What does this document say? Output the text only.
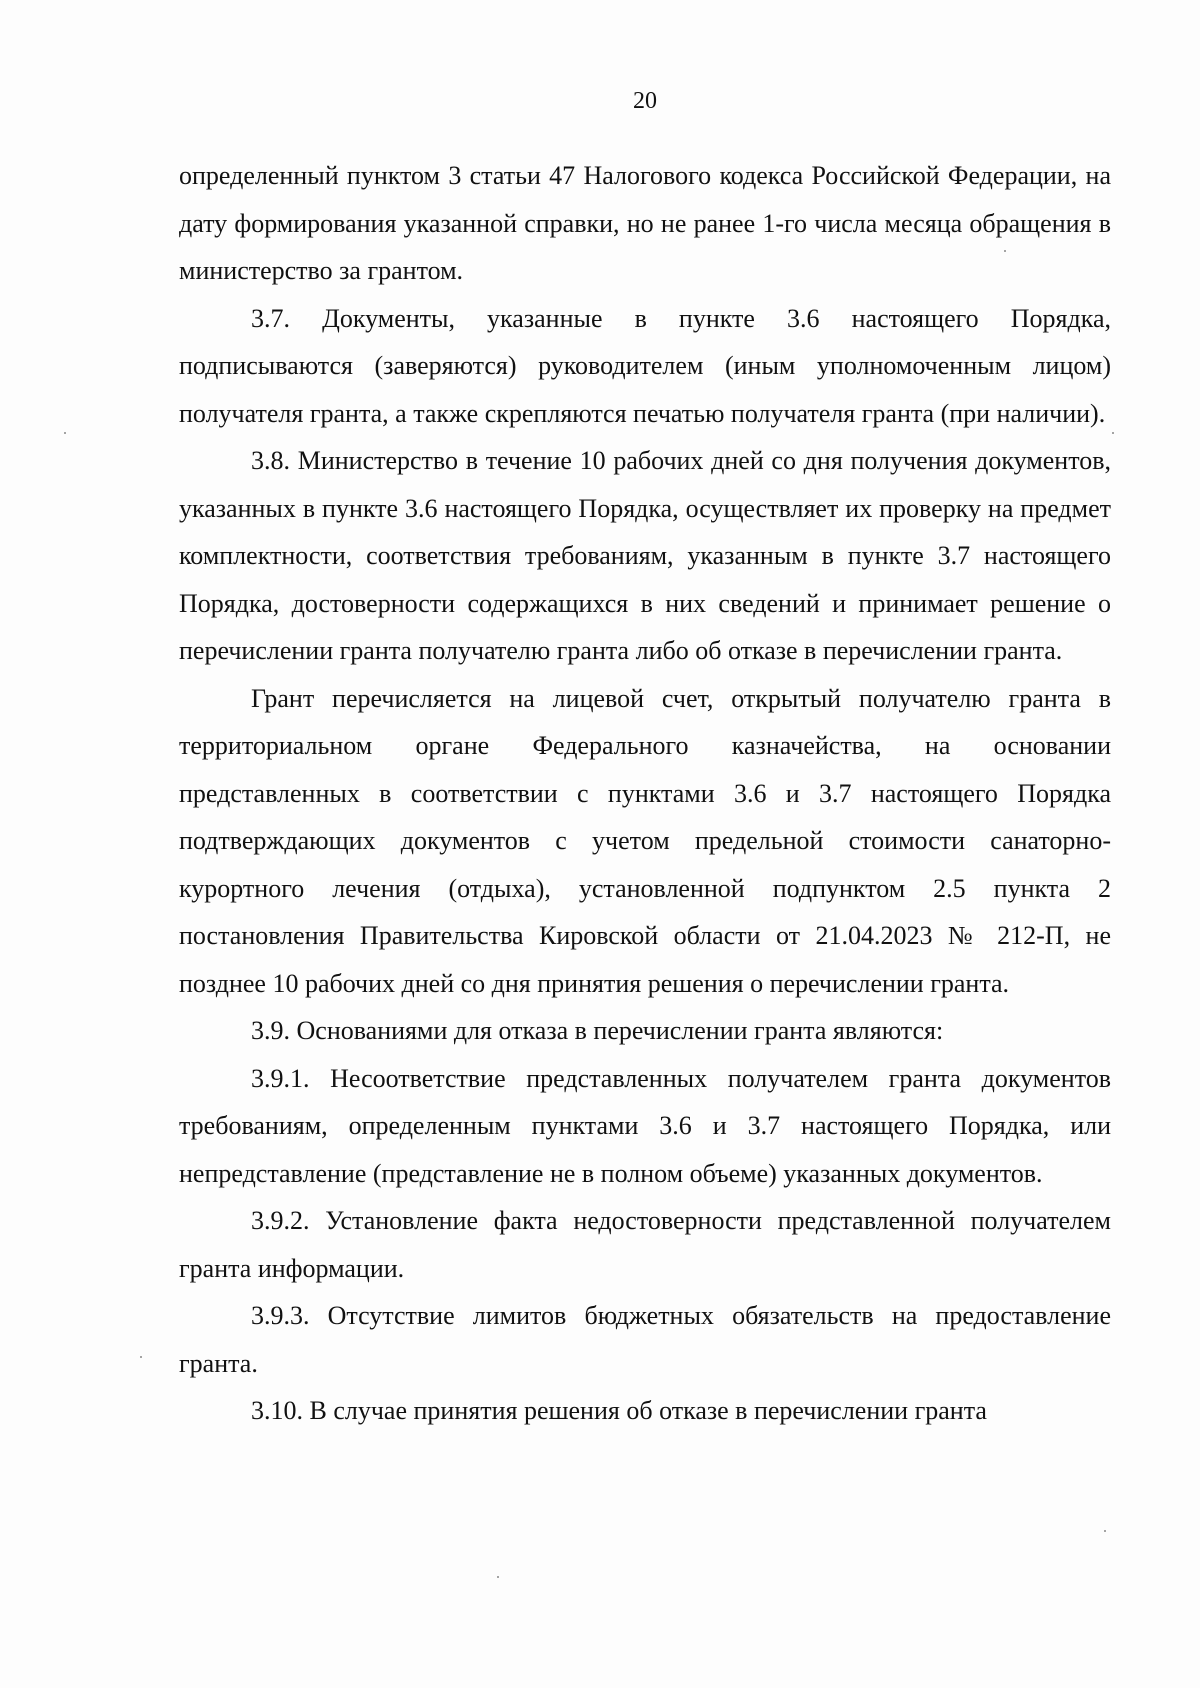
20

определенный пунктом 3 статьи 47 Налогового кодекса Российской Федерации, на дату формирования указанной справки, но не ранее 1-го числа месяца обращения в министерство за грантом.

3.7. Документы, указанные в пункте 3.6 настоящего Порядка, подписываются (заверяются) руководителем (иным уполномоченным лицом) получателя гранта, а также скрепляются печатью получателя гранта (при наличии).

3.8. Министерство в течение 10 рабочих дней со дня получения документов, указанных в пункте 3.6 настоящего Порядка, осуществляет их проверку на предмет комплектности, соответствия требованиям, указанным в пункте 3.7 настоящего Порядка, достоверности содержащихся в них сведений и принимает решение о перечислении гранта получателю гранта либо об отказе в перечислении гранта.

Грант перечисляется на лицевой счет, открытый получателю гранта в территориальном органе Федерального казначейства, на основании представленных в соответствии с пунктами 3.6 и 3.7 настоящего Порядка подтверждающих документов с учетом предельной стоимости санаторно-курортного лечения (отдыха), установленной подпунктом 2.5 пункта 2 постановления Правительства Кировской области от 21.04.2023 № 212-П, не позднее 10 рабочих дней со дня принятия решения о перечислении гранта.

3.9. Основаниями для отказа в перечислении гранта являются:

3.9.1. Несоответствие представленных получателем гранта документов требованиям, определенным пунктами 3.6 и 3.7 настоящего Порядка, или непредставление (представление не в полном объеме) указанных документов.

3.9.2. Установление факта недостоверности представленной получателем гранта информации.

3.9.3. Отсутствие лимитов бюджетных обязательств на предоставление гранта.

3.10. В случае принятия решения об отказе в перечислении гранта
